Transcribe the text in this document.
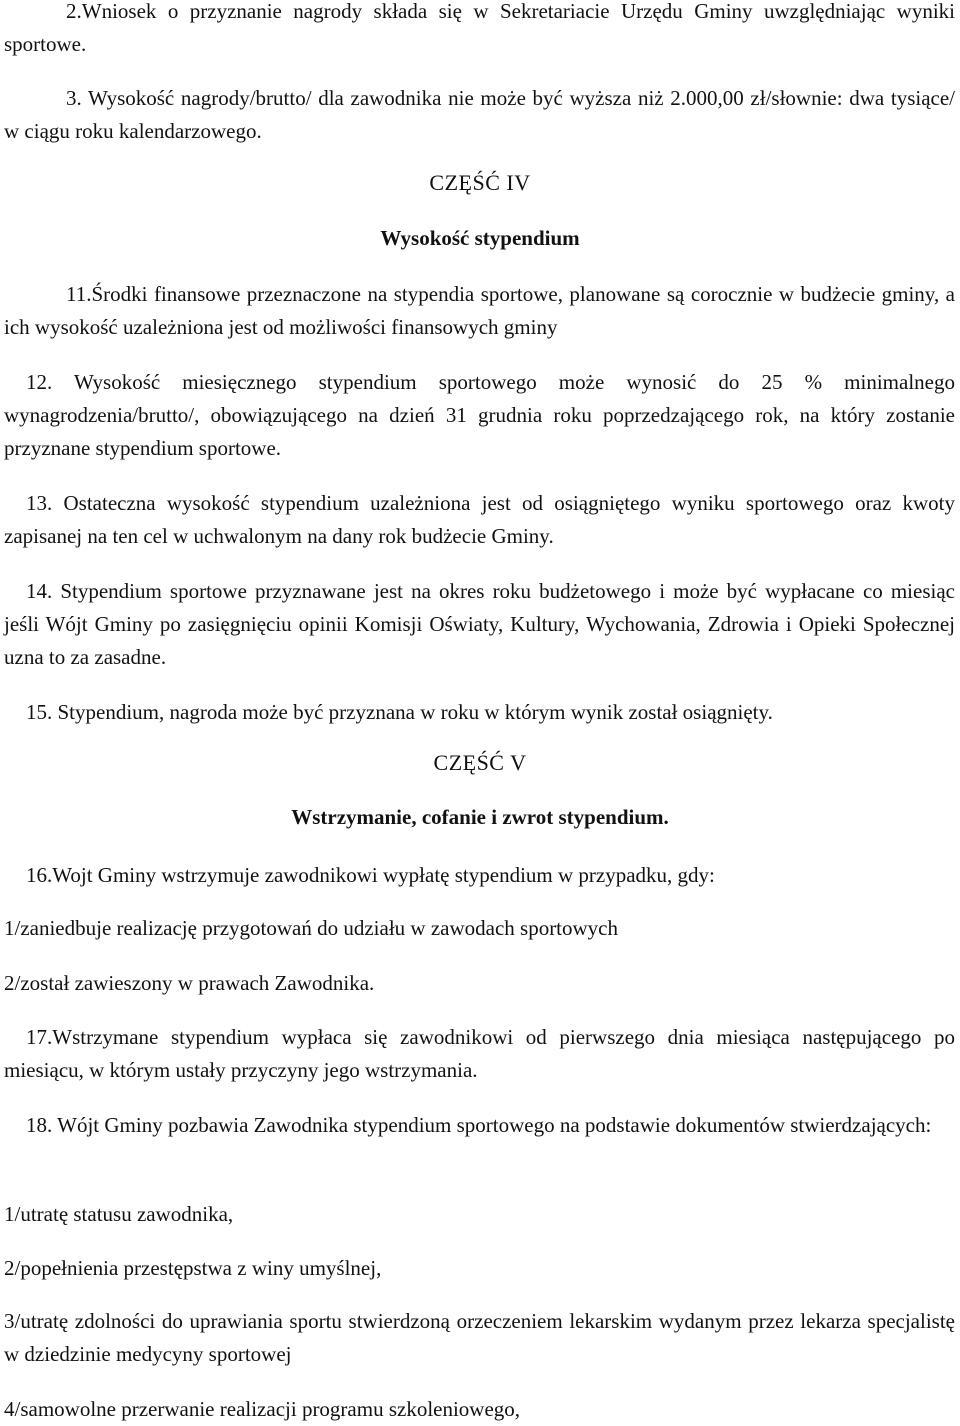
2.Wniosek o przyznanie nagrody składa się w Sekretariacie Urzędu Gminy uwzględniając wyniki sportowe.

3. Wysokość nagrody/brutto/ dla zawodnika nie może być wyższa niż 2.000,00 zł/słownie: dwa tysiące/ w ciągu roku kalendarzowego.

CZĘŚĆ IV

Wysokość stypendium

11.Środki finansowe przeznaczone na stypendia sportowe, planowane są corocznie w budżecie gminy, a ich wysokość uzależniona jest od możliwości finansowych gminy

12. Wysokość miesięcznego stypendium sportowego może wynosić do 25 % minimalnego wynagrodzenia/brutto/, obowiązującego na dzień 31 grudnia roku poprzedzającego rok, na który zostanie przyznane stypendium sportowe.

13. Ostateczna wysokość stypendium uzależniona jest od osiągniętego wyniku sportowego oraz kwoty zapisanej na ten cel w uchwalonym na dany rok budżecie Gminy.

14. Stypendium sportowe przyznawane jest na okres roku budżetowego i może być wypłacane co miesiąc jeśli Wójt Gminy po zasięgnięciu opinii Komisji Oświaty, Kultury, Wychowania, Zdrowia i Opieki Społecznej uzna to za zasadne.

15. Stypendium, nagroda może być przyznana w roku w którym wynik został osiągnięty.

CZĘŚĆ V

Wstrzymanie, cofanie i zwrot stypendium.

16.Wojt Gminy wstrzymuje zawodnikowi wypłatę stypendium w przypadku, gdy:

1/zaniedbuje realizację przygotowań do udziału w zawodach sportowych

2/został zawieszony w prawach Zawodnika.

17.Wstrzymane stypendium wypłaca się zawodnikowi od pierwszego dnia miesiąca następującego po miesiącu, w którym ustały przyczyny jego wstrzymania.

18. Wójt Gminy pozbawia Zawodnika stypendium sportowego na podstawie dokumentów stwierdzających:

1/utratę statusu zawodnika,

2/popełnienia przestępstwa z winy umyślnej,

3/utratę zdolności do uprawiania sportu stwierdzoną orzeczeniem lekarskim wydanym przez lekarza specjalistę w dziedzinie medycyny sportowej

4/samowolne przerwanie realizacji programu szkoleniowego,
